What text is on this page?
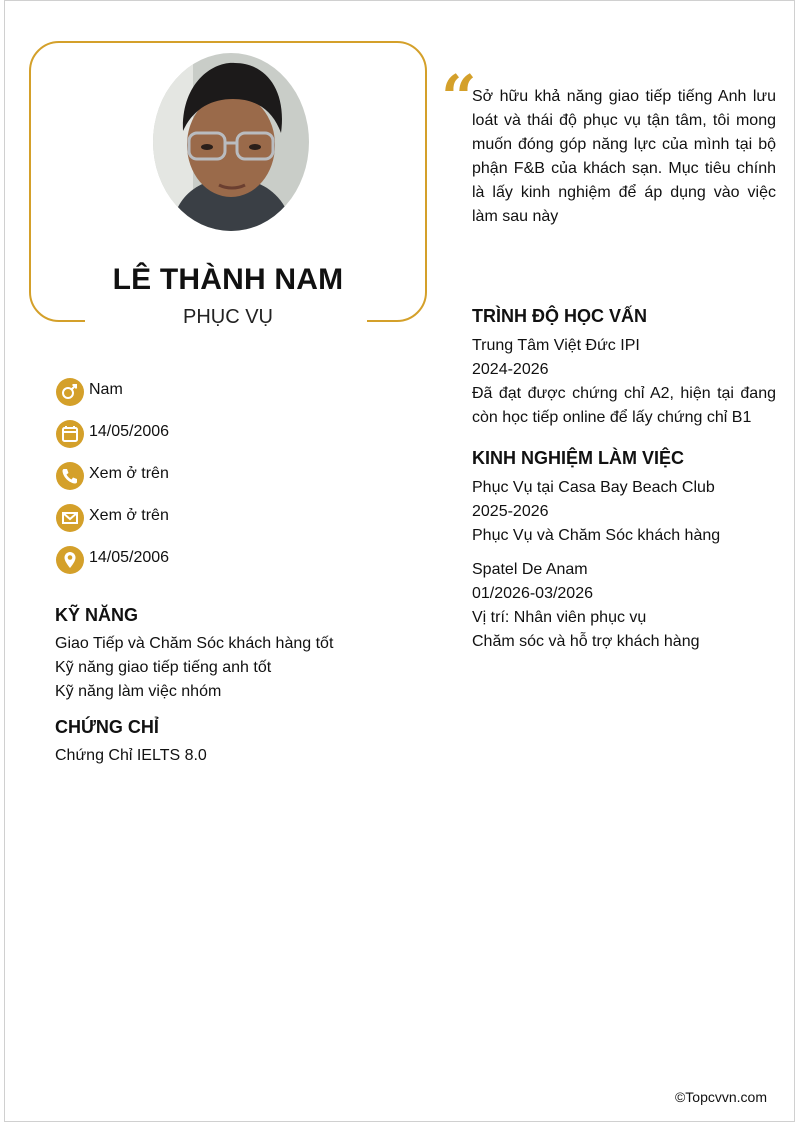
LÊ THÀNH NAM
PHỤC VỤ
Nam
14/05/2006
Xem ở trên
Xem ở trên
14/05/2006
KỸ NĂNG
Giao Tiếp và Chăm Sóc khách hàng tốt
Kỹ năng giao tiếp tiếng anh tốt
Kỹ năng làm việc nhóm
CHỨNG CHỈ
Chứng Chỉ IELTS 8.0
“
Sở hữu khả năng giao tiếp tiếng Anh lưu loát và thái độ phục vụ tận tâm, tôi mong muốn đóng góp năng lực của mình tại bộ phận F&B của khách sạn. Mục tiêu chính là lấy kinh nghiệm để áp dụng vào việc làm sau này
TRÌNH ĐỘ HỌC VẤN
Trung Tâm Việt Đức IPI
2024-2026
Đã đạt được chứng chỉ A2, hiện tại đang còn học tiếp online để lấy chứng chỉ B1
KINH NGHIỆM LÀM VIỆC
Phục Vụ tại Casa Bay Beach Club
2025-2026
Phục Vụ và Chăm Sóc khách hàng
Spatel De Anam
01/2026-03/2026
Vị trí: Nhân viên phục vụ
Chăm sóc và hỗ trợ khách hàng
©Topcvvn.com
